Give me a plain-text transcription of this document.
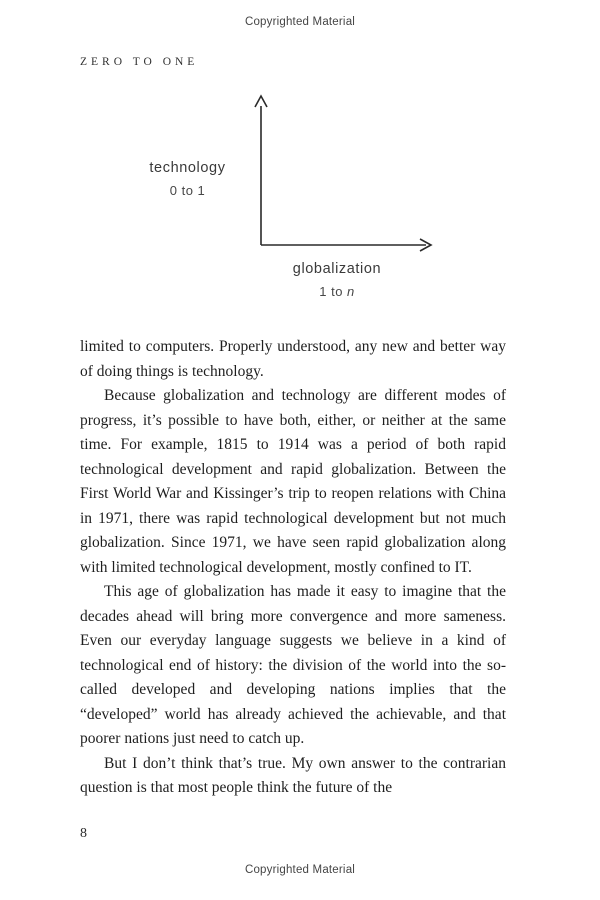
Copyrighted Material
ZERO TO ONE
technology
0 to 1
globalization
1 to n

limited to computers. Properly understood, any new and better way of doing things is technology.

Because globalization and technology are different modes of progress, it’s possible to have both, either, or neither at the same time. For example, 1815 to 1914 was a period of both rapid technological development and rapid globalization. Between the First World War and Kissinger’s trip to reopen relations with China in 1971, there was rapid technological development but not much globalization. Since 1971, we have seen rapid globalization along with limited technological development, mostly confined to IT.

This age of globalization has made it easy to imagine that the decades ahead will bring more convergence and more sameness. Even our everyday language suggests we believe in a kind of technological end of history: the division of the world into the so-called developed and developing nations implies that the “developed” world has already achieved the achievable, and that poorer nations just need to catch up.

But I don’t think that’s true. My own answer to the contrarian question is that most people think the future of the

8
Copyrighted Material
